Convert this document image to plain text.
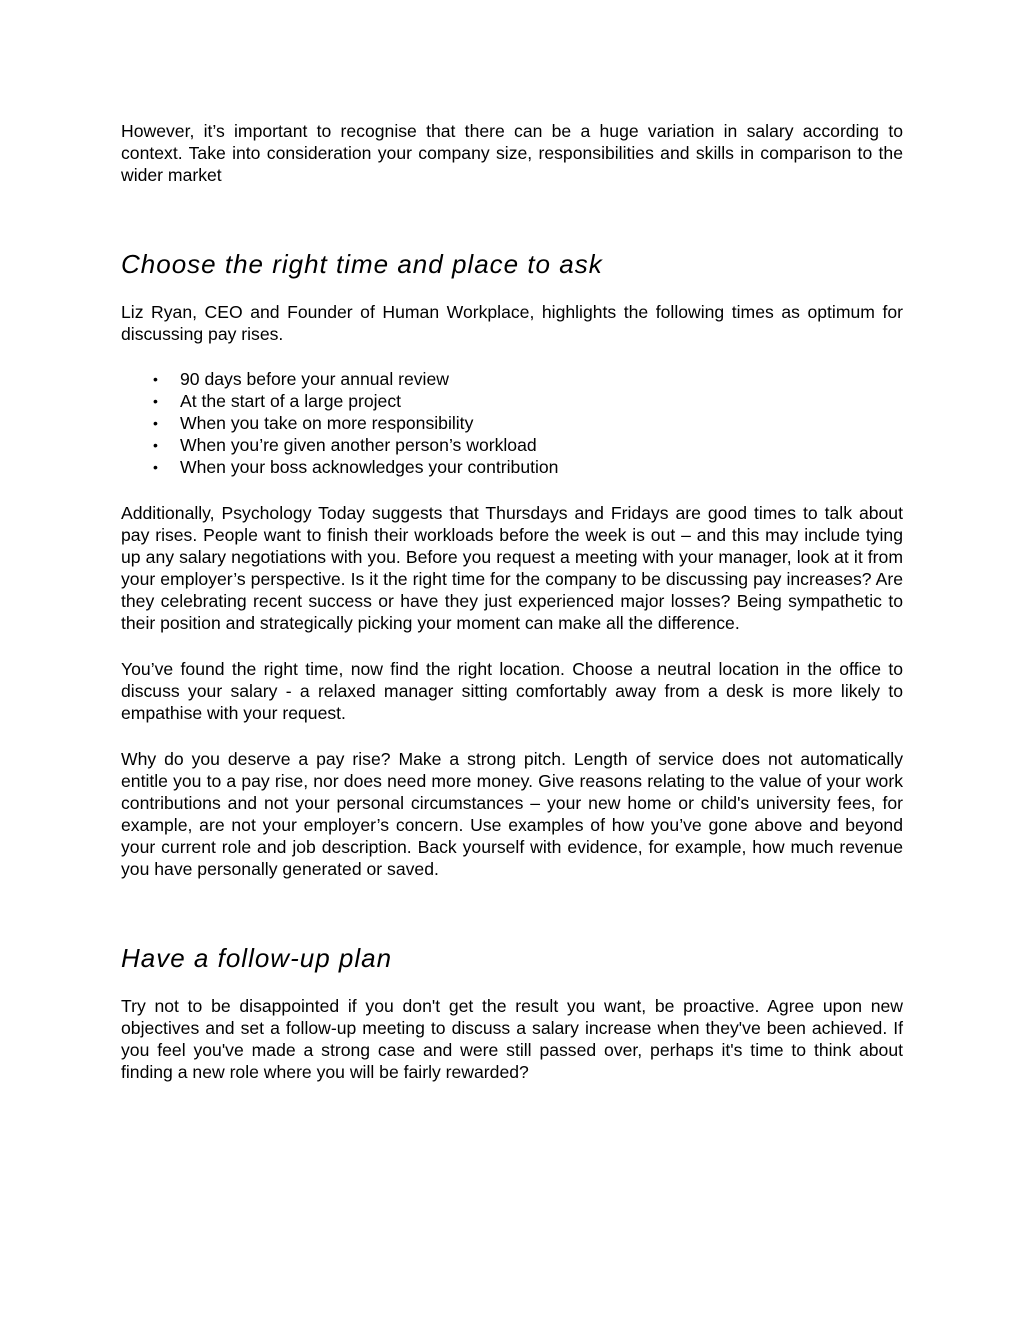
However, it’s important to recognise that there can be a huge variation in salary according to context. Take into consideration your company size, responsibilities and skills in comparison to the wider market

Choose the right time and place to ask

Liz Ryan, CEO and Founder of Human Workplace, highlights the following times as optimum for discussing pay rises.

• 90 days before your annual review
• At the start of a large project
• When you take on more responsibility
• When you’re given another person’s workload
• When your boss acknowledges your contribution

Additionally, Psychology Today suggests that Thursdays and Fridays are good times to talk about pay rises. People want to finish their workloads before the week is out – and this may include tying up any salary negotiations with you. Before you request a meeting with your manager, look at it from your employer’s perspective. Is it the right time for the company to be discussing pay increases? Are they celebrating recent success or have they just experienced major losses? Being sympathetic to their position and strategically picking your moment can make all the difference.

You’ve found the right time, now find the right location. Choose a neutral location in the office to discuss your salary - a relaxed manager sitting comfortably away from a desk is more likely to empathise with your request.

Why do you deserve a pay rise? Make a strong pitch. Length of service does not automatically entitle you to a pay rise, nor does need more money. Give reasons relating to the value of your work contributions and not your personal circumstances – your new home or child's university fees, for example, are not your employer’s concern. Use examples of how you’ve gone above and beyond your current role and job description. Back yourself with evidence, for example, how much revenue you have personally generated or saved.

Have a follow-up plan

Try not to be disappointed if you don't get the result you want, be proactive. Agree upon new objectives and set a follow-up meeting to discuss a salary increase when they've been achieved. If you feel you've made a strong case and were still passed over, perhaps it's time to think about finding a new role where you will be fairly rewarded?
